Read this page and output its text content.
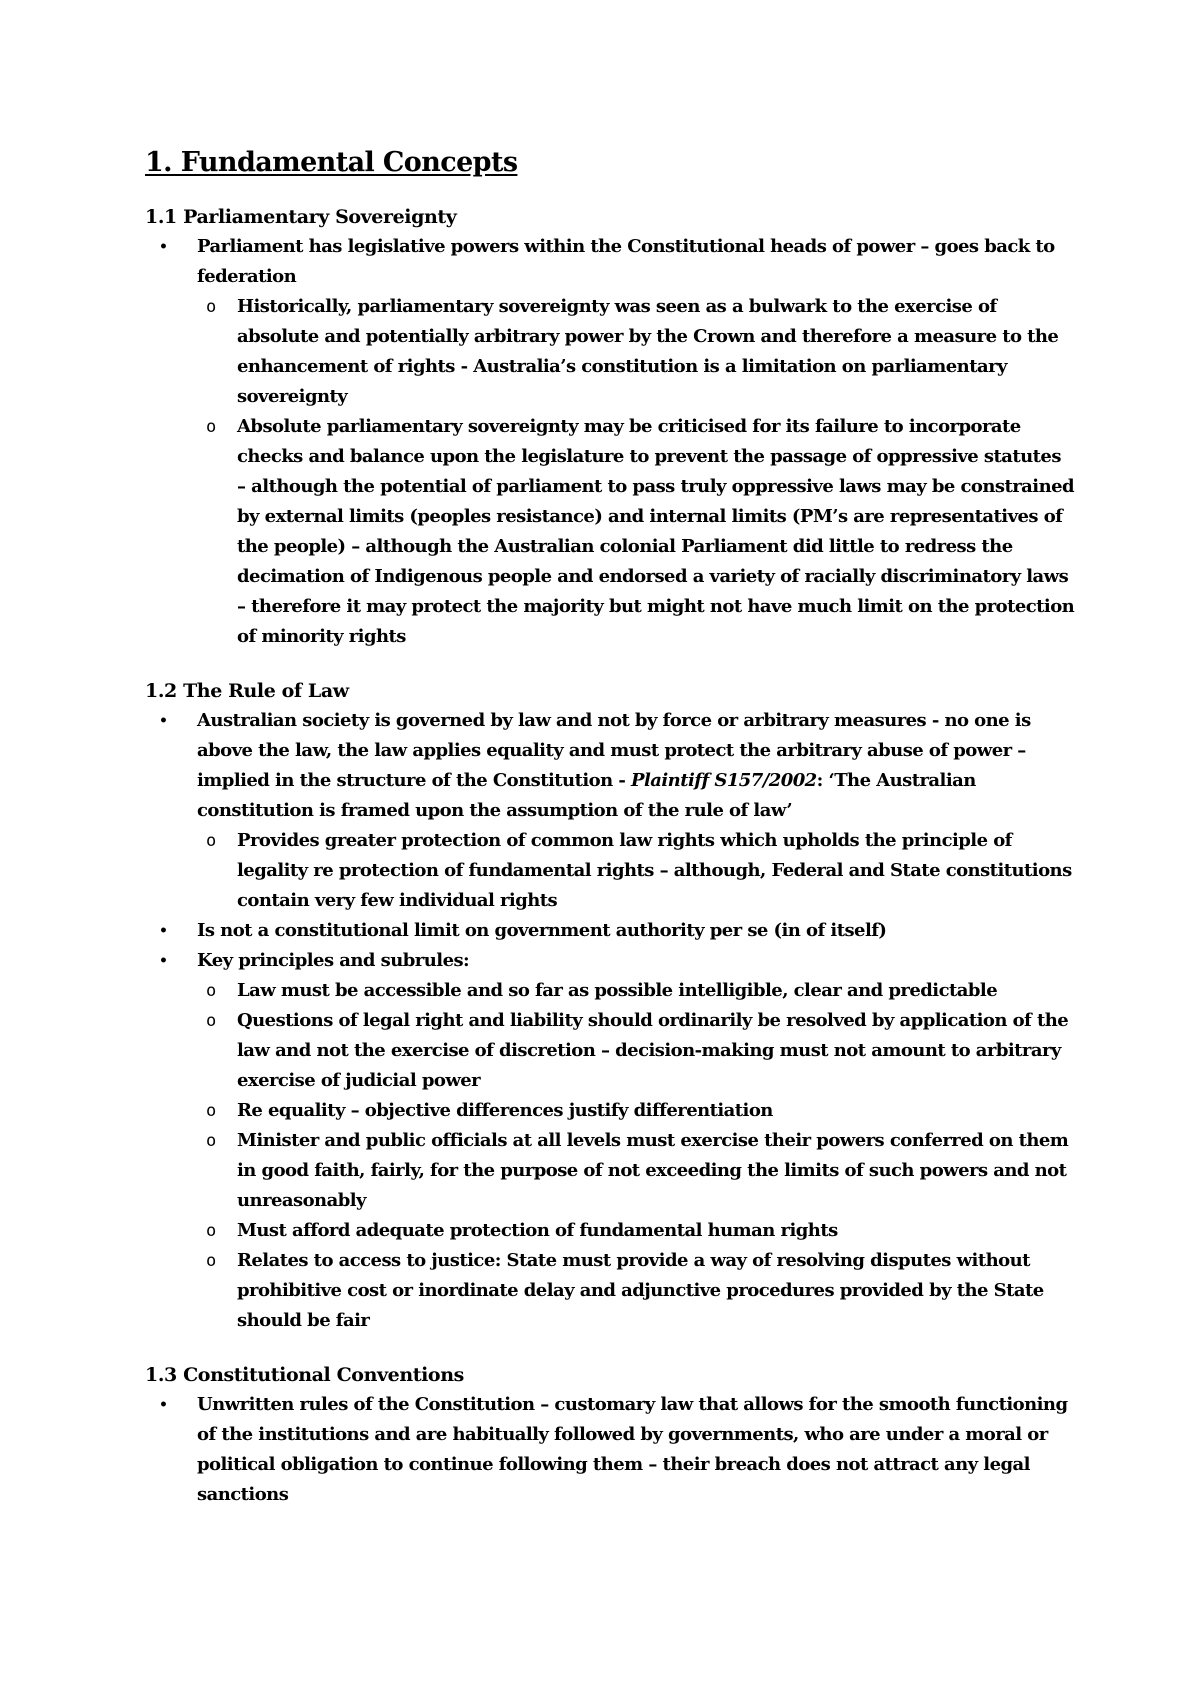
1. Fundamental Concepts
1.1 Parliamentary Sovereignty
• Parliament has legislative powers within the Constitutional heads of power – goes back to federation
o Historically, parliamentary sovereignty was seen as a bulwark to the exercise of absolute and potentially arbitrary power by the Crown and therefore a measure to the enhancement of rights - Australia’s constitution is a limitation on parliamentary sovereignty
o Absolute parliamentary sovereignty may be criticised for its failure to incorporate checks and balance upon the legislature to prevent the passage of oppressive statutes – although the potential of parliament to pass truly oppressive laws may be constrained by external limits (peoples resistance) and internal limits (PM’s are representatives of the people) – although the Australian colonial Parliament did little to redress the decimation of Indigenous people and endorsed a variety of racially discriminatory laws – therefore it may protect the majority but might not have much limit on the protection of minority rights
1.2 The Rule of Law
• Australian society is governed by law and not by force or arbitrary measures - no one is above the law, the law applies equality and must protect the arbitrary abuse of power – implied in the structure of the Constitution - Plaintiff S157/2002: ‘The Australian constitution is framed upon the assumption of the rule of law’
o Provides greater protection of common law rights which upholds the principle of legality re protection of fundamental rights – although, Federal and State constitutions contain very few individual rights
• Is not a constitutional limit on government authority per se (in of itself)
• Key principles and subrules:
o Law must be accessible and so far as possible intelligible, clear and predictable
o Questions of legal right and liability should ordinarily be resolved by application of the law and not the exercise of discretion – decision-making must not amount to arbitrary exercise of judicial power
o Re equality – objective differences justify differentiation
o Minister and public officials at all levels must exercise their powers conferred on them in good faith, fairly, for the purpose of not exceeding the limits of such powers and not unreasonably
o Must afford adequate protection of fundamental human rights
o Relates to access to justice: State must provide a way of resolving disputes without prohibitive cost or inordinate delay and adjunctive procedures provided by the State should be fair
1.3 Constitutional Conventions
• Unwritten rules of the Constitution – customary law that allows for the smooth functioning of the institutions and are habitually followed by governments, who are under a moral or political obligation to continue following them – their breach does not attract any legal sanctions
